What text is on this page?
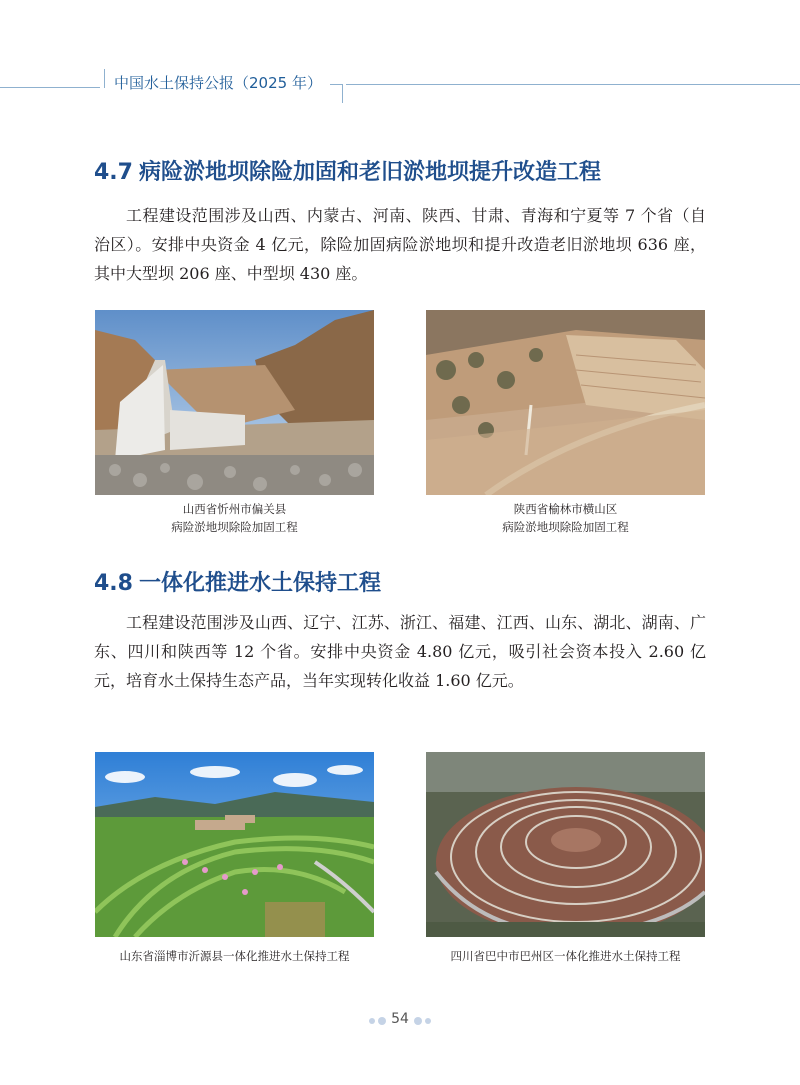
中国水土保持公报（2025 年）
4.7 病险淤地坝除险加固和老旧淤地坝提升改造工程

工程建设范围涉及山西、内蒙古、河南、陕西、甘肃、青海和宁夏等 7 个省（自治区）。安排中央资金 4 亿元，除险加固病险淤地坝和提升改造老旧淤地坝 636 座，其中大型坝 206 座、中型坝 430 座。

山西省忻州市偏关县
病险淤地坝除险加固工程
陕西省榆林市横山区
病险淤地坝除险加固工程
4.8 一体化推进水土保持工程

工程建设范围涉及山西、辽宁、江苏、浙江、福建、江西、山东、湖北、湖南、广东、四川和陕西等 12 个省。安排中央资金 4.80 亿元，吸引社会资本投入 2.60 亿元，培育水土保持生态产品，当年实现转化收益 1.60 亿元。

山东省淄博市沂源县一体化推进水土保持工程	四川省巴中市巴州区一体化推进水土保持工程
54
